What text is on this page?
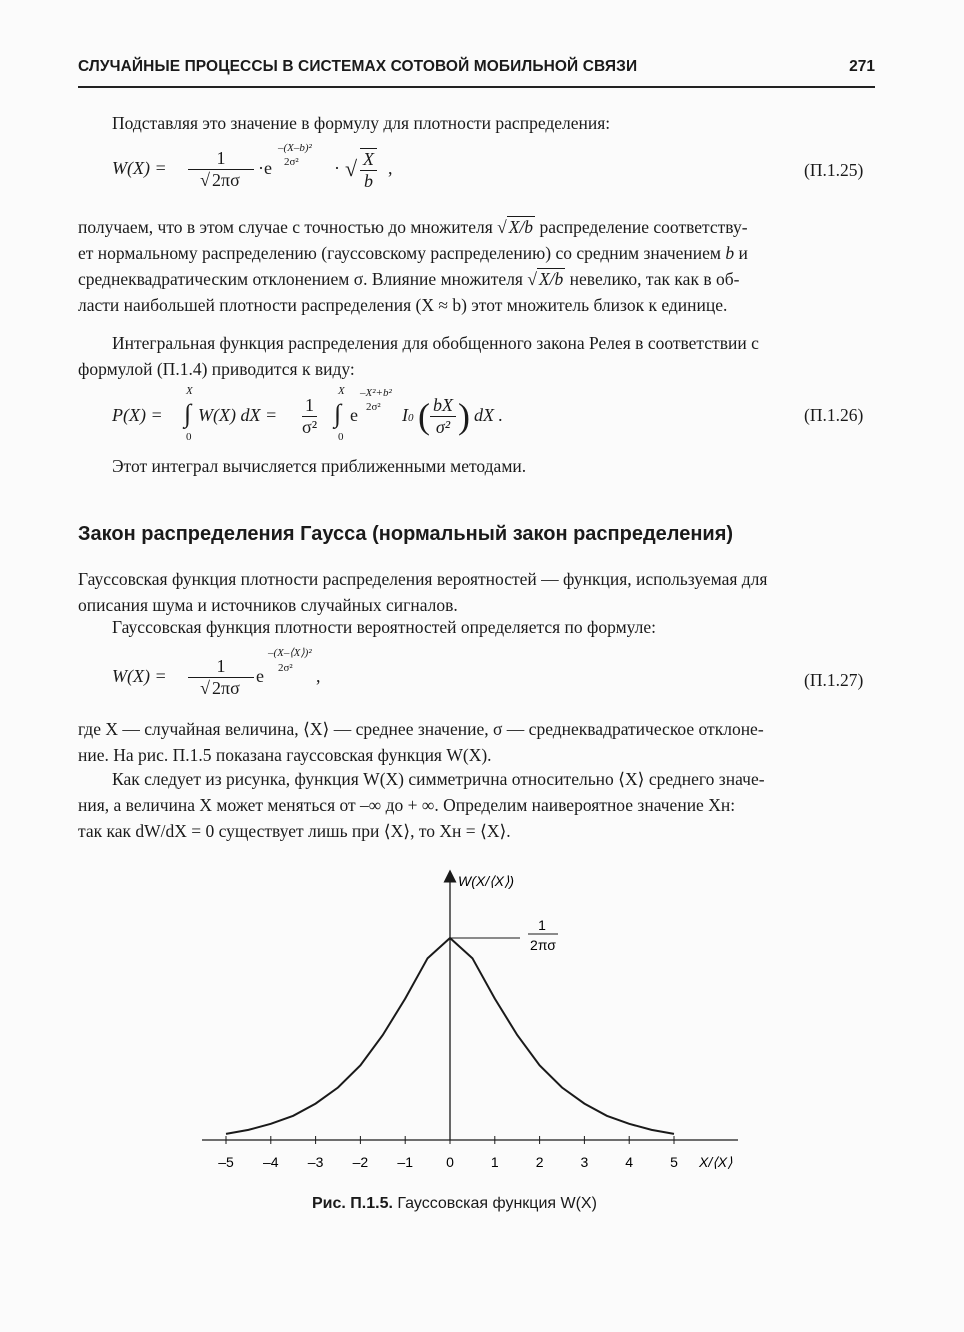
СЛУЧАЙНЫЕ ПРОЦЕССЫ В СИСТЕМАХ СОТОВОЙ МОБИЛЬНОЙ СВЯЗИ	271
Подставляя это значение в формулу для плотности распределения:
$W(X) = \frac{1}{√ 2\pi\sigma} \cdot e$
–(X–b)²
2σ² · √ $\frac{X}{b}$ ,	(П.1.25)
получаем, что в этом случае с точностью до множителя √ X/b распределение соответству-
ет нормальному распределению (гауссовскому распределению) со средним значением b и
среднеквадратическим отклонением σ. Влияние множителя √ X/b невелико, так как в об-
ласти наибольшей плотности распределения (X ≈ b) этот множитель близок к единице.
Интегральная функция распределения для обобщенного закона Релея в соответствии с
формулой (П.1.4) приводится к виду:
P(X) =
X
∫
0
W(X) dX = $\frac{1}{\text{σ²}}$
X
∫
0
e
–X²+b²
2σ² I0 ( $\frac{bX}{\text{σ²}}$ ) dX .	(П.1.26)
Этот интеграл вычисляется приближенными методами.
Закон распределения Гаусса (нормальный закон распределения)
Гауссовская функция плотности распределения вероятностей — функция, используемая для
описания шума и источников случайных сигналов.
Гауссовская функция плотности вероятностей определяется по формуле:
$W(X) = \frac{1}{√ 2\pi\sigma}$ e
–(X–⟨X⟩)²
2σ² ,	(П.1.27)
где X — случайная величина, ⟨X⟩ — среднее значение, σ — среднеквадратическое отклоне-
ние. На рис. П.1.5 показана гауссовская функция W(X).
Как следует из рисунка, функция W(X) симметрична относительно ⟨X⟩ среднего значе-
ния, а величина X может меняться от –∞ до + ∞. Определим наивероятное значение Xн:
так как dW/dX = 0 существует лишь при ⟨X⟩, то Xн = ⟨X⟩.
–5 –4 –3 –2 –1 0	1	2	3	4	5
W(X/⟨X⟩)
1
2πσ
X/⟨X⟩
Рис. П.1.5. Гауссовская функция W(X)
